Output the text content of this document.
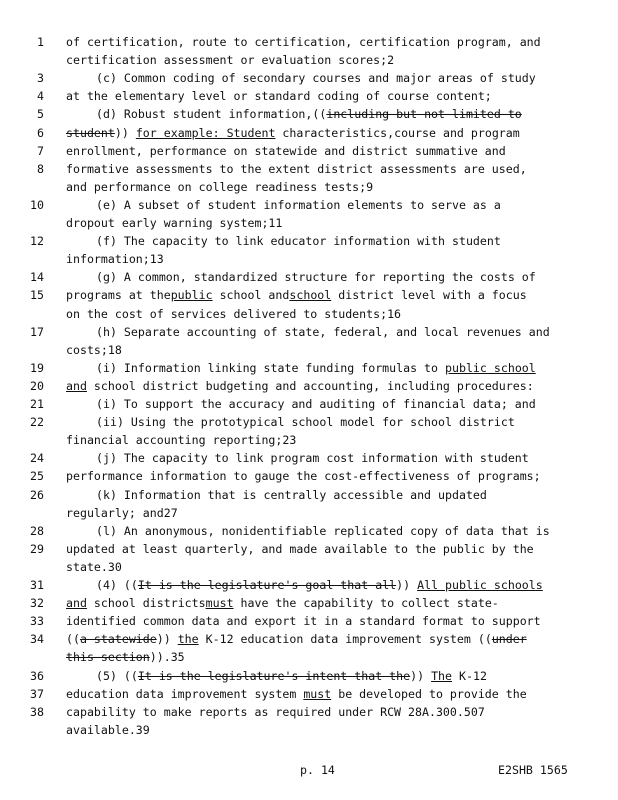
1 of certification, route to certification, certification program, and
certification assessment or evaluation scores;2
3	(c) Common coding of secondary courses and major areas of study
4 at the elementary level or standard coding of course content;
5	(d) Robust student information,((including but not limited to
6 student)) for example: Student characteristics,course and program
7 enrollment, performance on statewide and district summative and
8 formative assessments to the extent district assessments are used,
and performance on college readiness tests;9
10	(e) A subset of student information elements to serve as a
dropout early warning system;11
12	(f) The capacity to link educator information with student
information;13
14	(g) A common, standardized structure for reporting the costs of
15 programs at thepublic school andschool district level with a focus
on the cost of services delivered to students;16
17	(h) Separate accounting of state, federal, and local revenues and
costs;18
19	(i) Information linking state funding formulas to public school
20 and school district budgeting and accounting, including procedures:
21	(i) To support the accuracy and auditing of financial data; and
22	(ii) Using the prototypical school model for school district
financial accounting reporting;23
24	(j) The capacity to link program cost information with student
25 performance information to gauge the cost-effectiveness of programs;
26	(k) Information that is centrally accessible and updated
regularly; and27
28	(l) An anonymous, nonidentifiable replicated copy of data that is
29 updated at least quarterly, and made available to the public by the
state.30
31	(4) ((It is the legislature's goal that all)) All public schools
32 and school districtsmust have the capability to collect state-
33 identified common data and export it in a standard format to support
34 ((a statewide)) the K-12 education data improvement system ((under
this section)).35
36	(5) ((It is the legislature's intent that the)) The K-12
37 education data improvement system must be developed to provide the
38 capability to make reports as required under RCW 28A.300.507
available.39
p. 14	E2SHB 1565
